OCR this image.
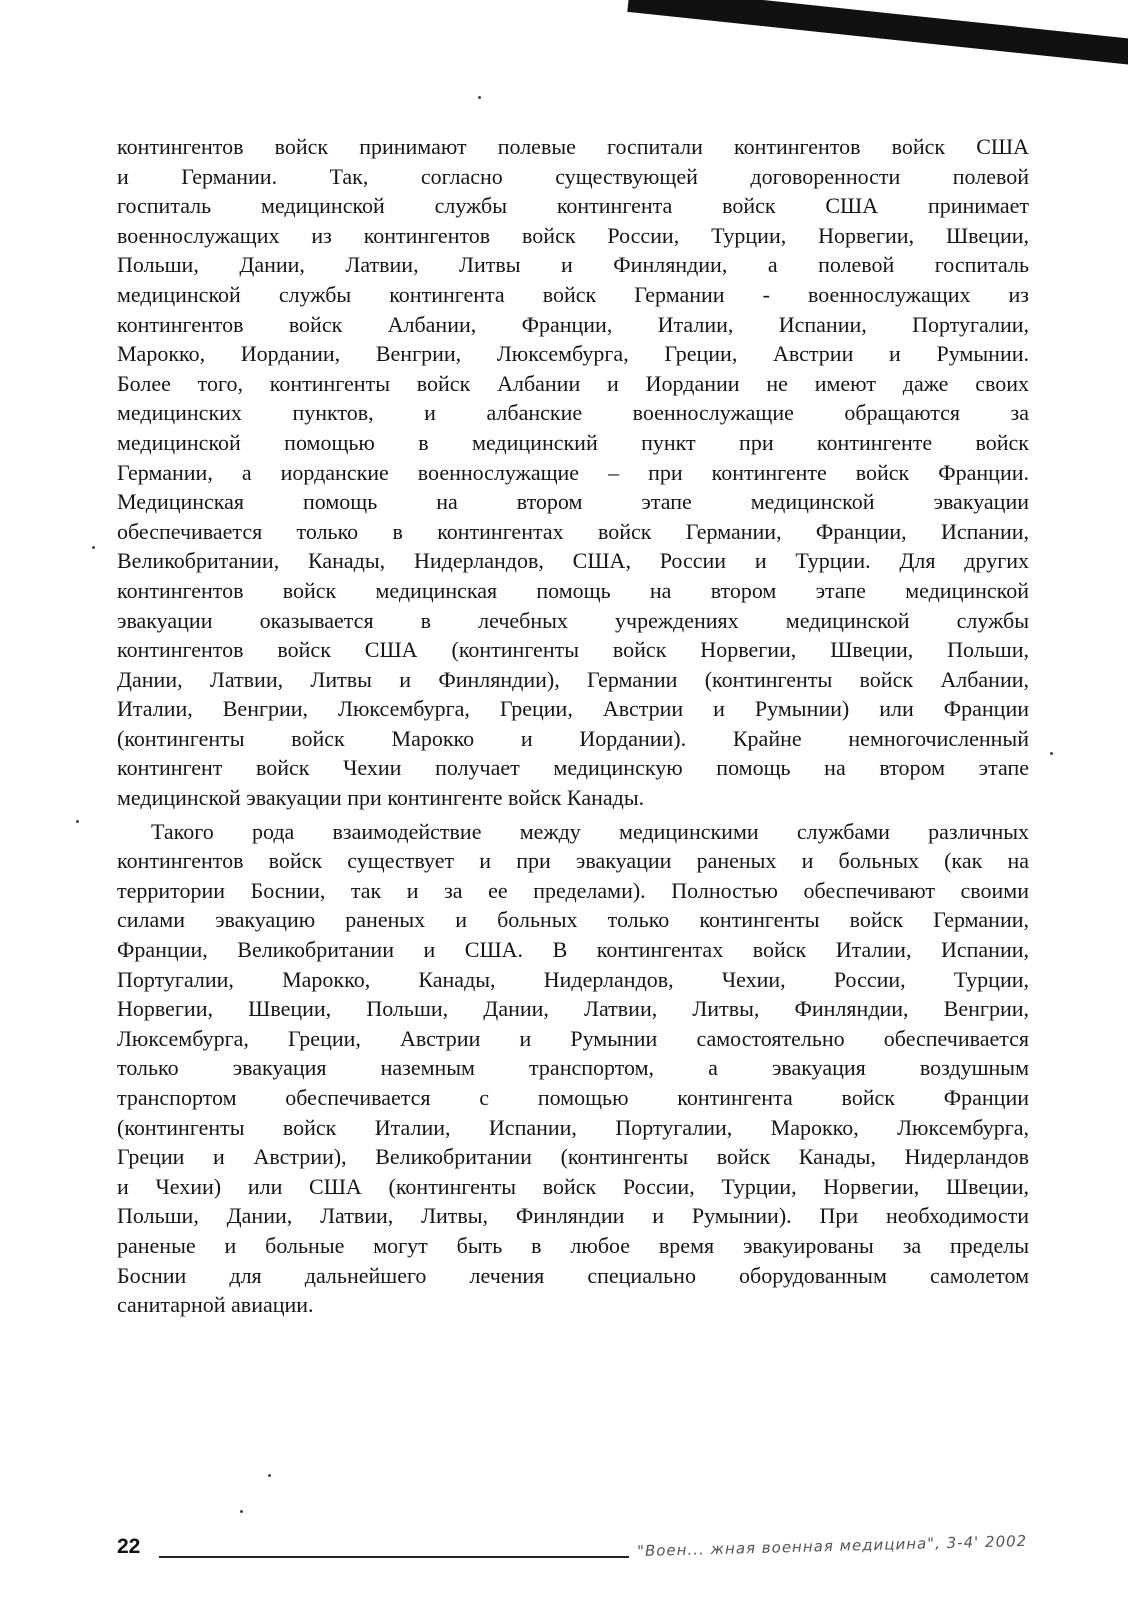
контингентов войск принимают полевые госпитали контингентов войск США
и Германии. Так, согласно существующей договоренности полевой
госпиталь медицинской службы контингента войск США принимает
военнослужащих из контингентов войск России, Турции, Норвегии, Швеции,
Польши, Дании, Латвии, Литвы и Финляндии, а полевой госпиталь
медицинской службы контингента войск Германии - военнослужащих из
контингентов войск Албании, Франции, Италии, Испании, Португалии,
Марокко, Иордании, Венгрии, Люксембурга, Греции, Австрии и Румынии.
Более того, контингенты войск Албании и Иордании не имеют даже своих
медицинских пунктов, и албанские военнослужащие обращаются за
медицинской помощью в медицинский пункт при контингенте войск
Германии, а иорданские военнослужащие – при контингенте войск Франции.
Медицинская помощь на втором этапе медицинской эвакуации
обеспечивается только в контингентах войск Германии, Франции, Испании,
Великобритании, Канады, Нидерландов, США, России и Турции. Для других
контингентов войск медицинская помощь на втором этапе медицинской
эвакуации оказывается в лечебных учреждениях медицинской службы
контингентов войск США (контингенты войск Норвегии, Швеции, Польши,
Дании, Латвии, Литвы и Финляндии), Германии (контингенты войск Албании,
Италии, Венгрии, Люксембурга, Греции, Австрии и Румынии) или Франции
(контингенты войск Марокко и Иордании). Крайне немногочисленный
контингент войск Чехии получает медицинскую помощь на втором этапе
медицинской эвакуации при контингенте войск Канады.
Такого рода взаимодействие между медицинскими службами различных
контингентов войск существует и при эвакуации раненых и больных (как на
территории Боснии, так и за ее пределами). Полностью обеспечивают своими
силами эвакуацию раненых и больных только контингенты войск Германии,
Франции, Великобритании и США. В контингентах войск Италии, Испании,
Португалии, Марокко, Канады, Нидерландов, Чехии, России, Турции,
Норвегии, Швеции, Польши, Дании, Латвии, Литвы, Финляндии, Венгрии,
Люксембурга, Греции, Австрии и Румынии самостоятельно обеспечивается
только эвакуация наземным транспортом, а эвакуация воздушным
транспортом обеспечивается с помощью контингента войск Франции
(контингенты войск Италии, Испании, Португалии, Марокко, Люксембурга,
Греции и Австрии), Великобритании (контингенты войск Канады, Нидерландов
и Чехии) или США (контингенты войск России, Турции, Норвегии, Швеции,
Польши, Дании, Латвии, Литвы, Финляндии и Румынии). При необходимости
раненые и больные могут быть в любое время эвакуированы за пределы
Боснии для дальнейшего лечения специально оборудованным самолетом
санитарной авиации.
22	"Воен... жная военная медицина", 3-4' 2002
